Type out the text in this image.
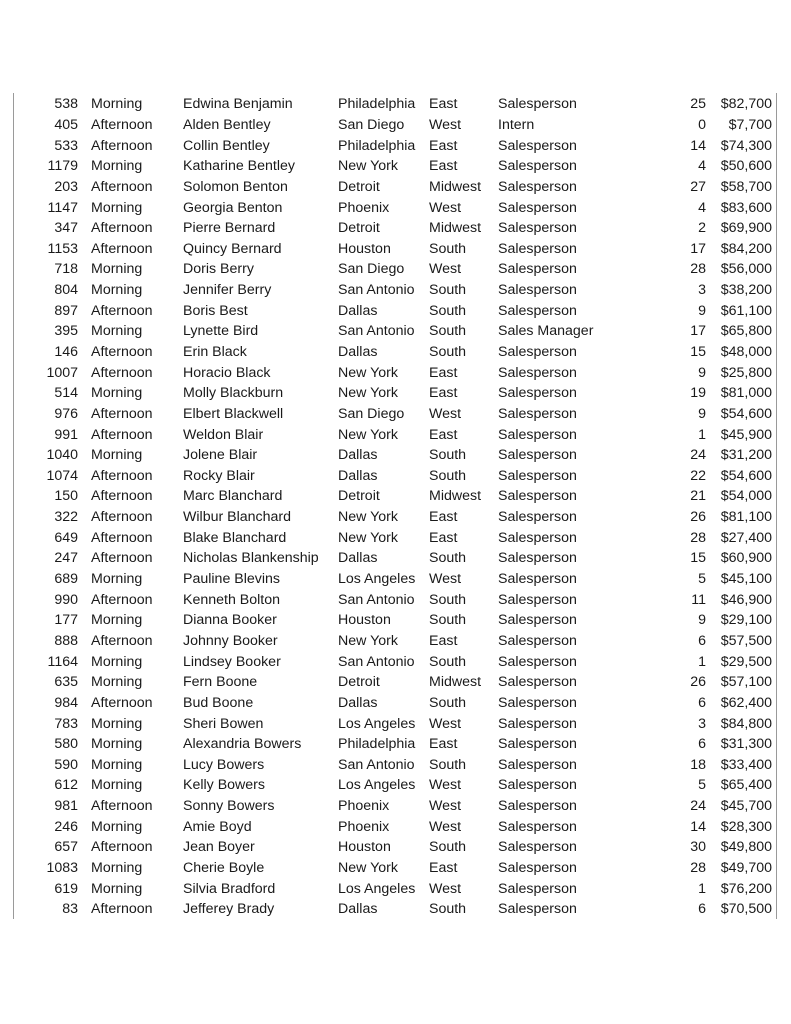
538	Morning	Edwina Benjamin	Philadelphia	East	Salesperson	25	$82,700
405	Afternoon	Alden Bentley	San Diego	West	Intern	0	$7,700
533	Afternoon	Collin Bentley	Philadelphia	East	Salesperson	14	$74,300
1179	Morning	Katharine Bentley	New York	East	Salesperson	4	$50,600
203	Afternoon	Solomon Benton	Detroit	Midwest	Salesperson	27	$58,700
1147	Morning	Georgia Benton	Phoenix	West	Salesperson	4	$83,600
347	Afternoon	Pierre Bernard	Detroit	Midwest	Salesperson	2	$69,900
1153	Afternoon	Quincy Bernard	Houston	South	Salesperson	17	$84,200
718	Morning	Doris Berry	San Diego	West	Salesperson	28	$56,000
804	Morning	Jennifer Berry	San Antonio	South	Salesperson	3	$38,200
897	Afternoon	Boris Best	Dallas	South	Salesperson	9	$61,100
395	Morning	Lynette Bird	San Antonio	South	Sales Manager	17	$65,800
146	Afternoon	Erin Black	Dallas	South	Salesperson	15	$48,000
1007	Afternoon	Horacio Black	New York	East	Salesperson	9	$25,800
514	Morning	Molly Blackburn	New York	East	Salesperson	19	$81,000
976	Afternoon	Elbert Blackwell	San Diego	West	Salesperson	9	$54,600
991	Afternoon	Weldon Blair	New York	East	Salesperson	1	$45,900
1040	Morning	Jolene Blair	Dallas	South	Salesperson	24	$31,200
1074	Afternoon	Rocky Blair	Dallas	South	Salesperson	22	$54,600
150	Afternoon	Marc Blanchard	Detroit	Midwest	Salesperson	21	$54,000
322	Afternoon	Wilbur Blanchard	New York	East	Salesperson	26	$81,100
649	Afternoon	Blake Blanchard	New York	East	Salesperson	28	$27,400
247	Afternoon	Nicholas Blankenship	Dallas	South	Salesperson	15	$60,900
689	Morning	Pauline Blevins	Los Angeles	West	Salesperson	5	$45,100
990	Afternoon	Kenneth Bolton	San Antonio	South	Salesperson	11	$46,900
177	Morning	Dianna Booker	Houston	South	Salesperson	9	$29,100
888	Afternoon	Johnny Booker	New York	East	Salesperson	6	$57,500
1164	Morning	Lindsey Booker	San Antonio	South	Salesperson	1	$29,500
635	Morning	Fern Boone	Detroit	Midwest	Salesperson	26	$57,100
984	Afternoon	Bud Boone	Dallas	South	Salesperson	6	$62,400
783	Morning	Sheri Bowen	Los Angeles	West	Salesperson	3	$84,800
580	Morning	Alexandria Bowers	Philadelphia	East	Salesperson	6	$31,300
590	Morning	Lucy Bowers	San Antonio	South	Salesperson	18	$33,400
612	Morning	Kelly Bowers	Los Angeles	West	Salesperson	5	$65,400
981	Afternoon	Sonny Bowers	Phoenix	West	Salesperson	24	$45,700
246	Morning	Amie Boyd	Phoenix	West	Salesperson	14	$28,300
657	Afternoon	Jean Boyer	Houston	South	Salesperson	30	$49,800
1083	Morning	Cherie Boyle	New York	East	Salesperson	28	$49,700
619	Morning	Silvia Bradford	Los Angeles	West	Salesperson	1	$76,200
83	Afternoon	Jefferey Brady	Dallas	South	Salesperson	6	$70,500
